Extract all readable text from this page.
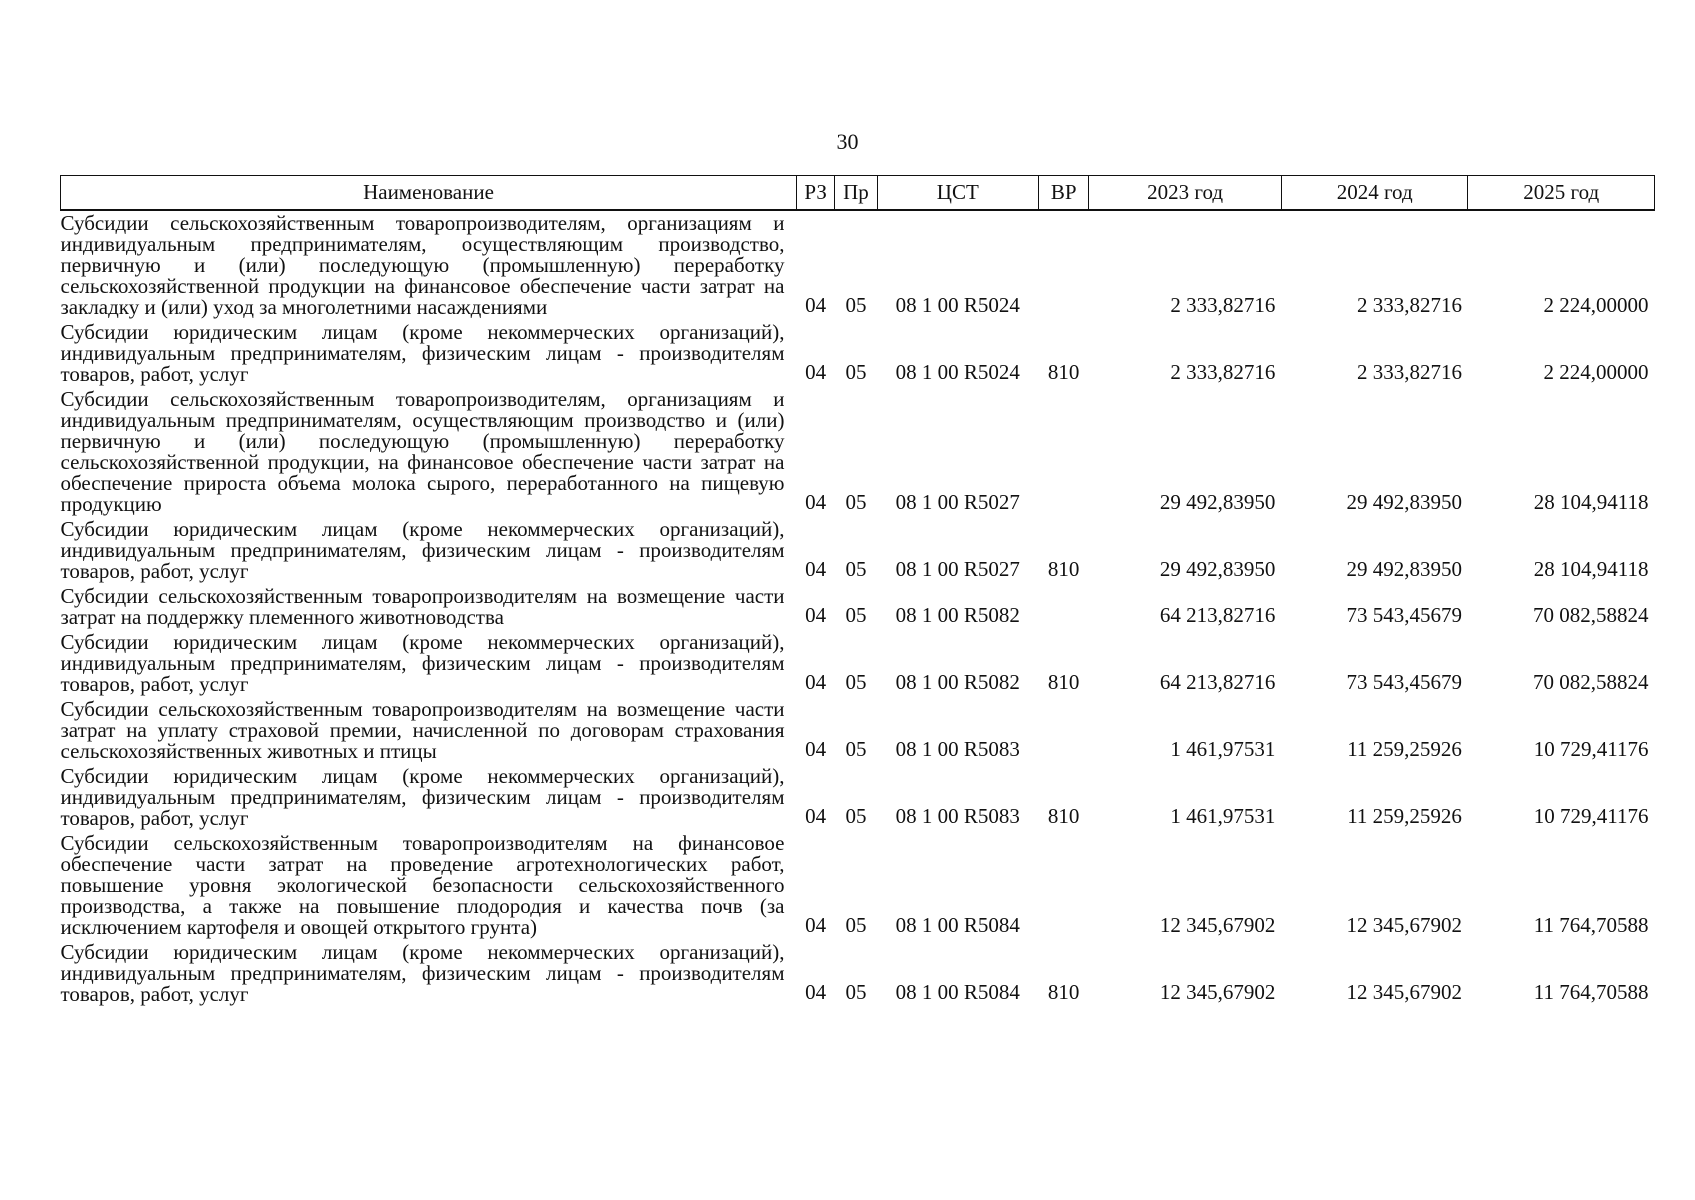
30
Наименование	РЗ	Пр	ЦСТ	ВР	2023 год	2024 год	2025 год
Субсидии сельскохозяйственным товаропроизводителям, организациям и индивидуальным предпринимателям, осуществляющим производство, первичную и (или) последующую (промышленную) переработку сельскохозяйственной продукции на финансовое обеспечение части затрат на закладку и (или) уход за многолетними насаждениями	04	05	08 1 00 R5024		2 333,82716	2 333,82716	2 224,00000
Субсидии юридическим лицам (кроме некоммерческих организаций), индивидуальным предпринимателям, физическим лицам - производителям товаров, работ, услуг	04	05	08 1 00 R5024	810	2 333,82716	2 333,82716	2 224,00000
Субсидии сельскохозяйственным товаропроизводителям, организациям и индивидуальным предпринимателям, осуществляющим производство и (или) первичную и (или) последующую (промышленную) переработку сельскохозяйственной продукции, на финансовое обеспечение части затрат на обеспечение прироста объема молока сырого, переработанного на пищевую продукцию	04	05	08 1 00 R5027		29 492,83950	29 492,83950	28 104,94118
Субсидии юридическим лицам (кроме некоммерческих организаций), индивидуальным предпринимателям, физическим лицам - производителям товаров, работ, услуг	04	05	08 1 00 R5027	810	29 492,83950	29 492,83950	28 104,94118
Субсидии сельскохозяйственным товаропроизводителям на возмещение части затрат на поддержку племенного животноводства	04	05	08 1 00 R5082		64 213,82716	73 543,45679	70 082,58824
Субсидии юридическим лицам (кроме некоммерческих организаций), индивидуальным предпринимателям, физическим лицам - производителям товаров, работ, услуг	04	05	08 1 00 R5082	810	64 213,82716	73 543,45679	70 082,58824
Субсидии сельскохозяйственным товаропроизводителям на возмещение части затрат на уплату страховой премии, начисленной по договорам страхования сельскохозяйственных животных и птицы	04	05	08 1 00 R5083		1 461,97531	11 259,25926	10 729,41176
Субсидии юридическим лицам (кроме некоммерческих организаций), индивидуальным предпринимателям, физическим лицам - производителям товаров, работ, услуг	04	05	08 1 00 R5083	810	1 461,97531	11 259,25926	10 729,41176
Субсидии сельскохозяйственным товаропроизводителям на финансовое обеспечение части затрат на проведение агротехнологических работ, повышение уровня экологической безопасности сельскохозяйственного производства, а также на повышение плодородия и качества почв (за исключением картофеля и овощей открытого грунта)	04	05	08 1 00 R5084		12 345,67902	12 345,67902	11 764,70588
Субсидии юридическим лицам (кроме некоммерческих организаций), индивидуальным предпринимателям, физическим лицам - производителям товаров, работ, услуг	04	05	08 1 00 R5084	810	12 345,67902	12 345,67902	11 764,70588
